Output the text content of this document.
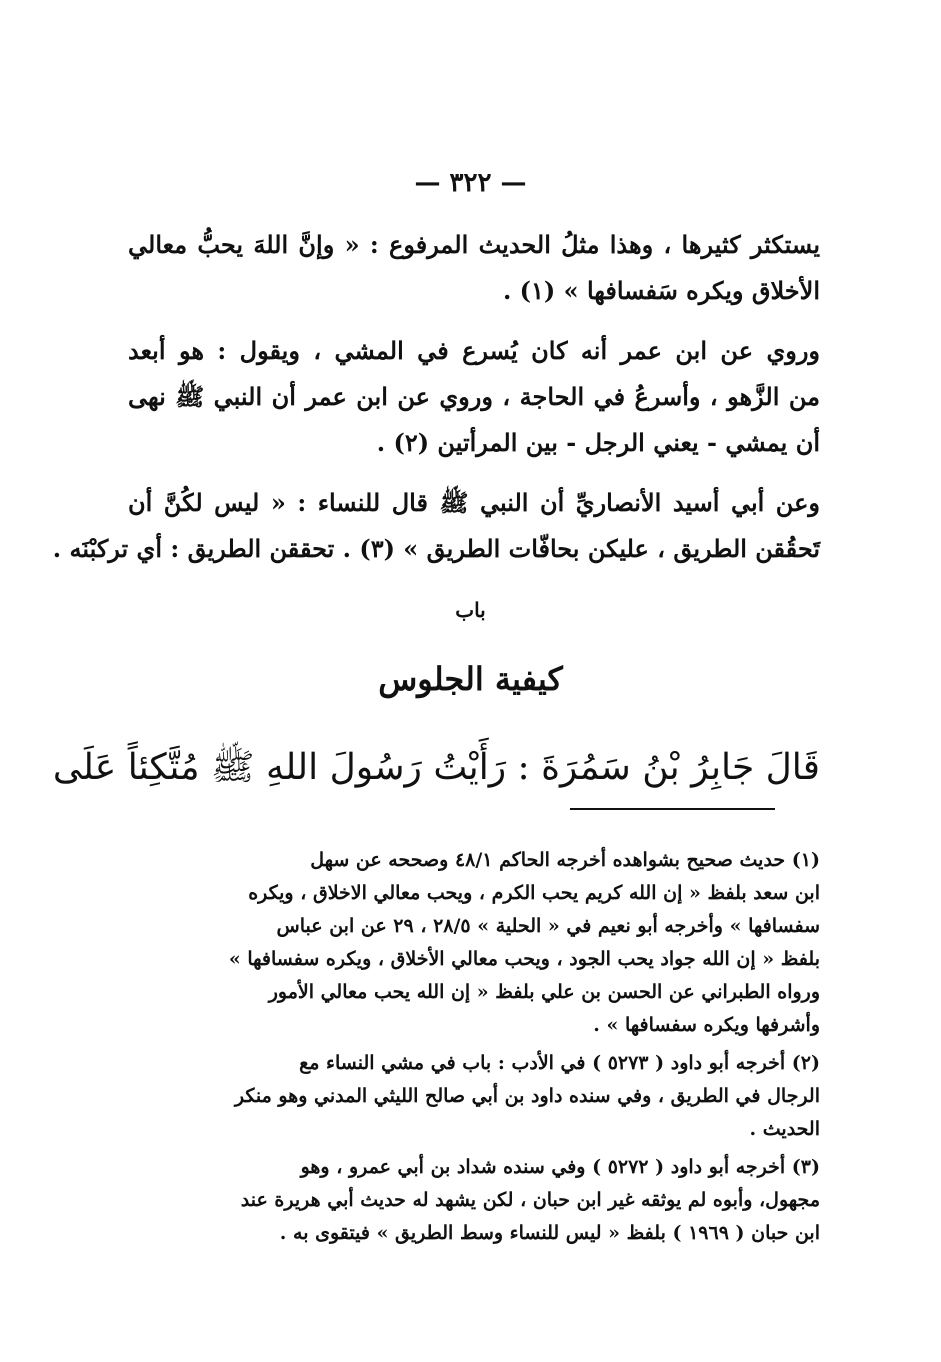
— ٣٢٢ —
يستكثر كثيرها ، وهذا مثلُ الحديث المرفوع : « وإنَّ اللهَ يحبُّ معالي
الأخلاق ويكره سَفسافها » (١) .
وروي عن ابن عمر أنه كان يُسرع في المشي ، ويقول : هو أبعد
من الزَّهو ، وأسرعُ في الحاجة ، وروي عن ابن عمر أن النبي ﷺ نهى
أن يمشي - يعني الرجل - بين المرأتين (٢) .
وعن أبي أسيد الأنصاريِّ أن النبي ﷺ قال للنساء : « ليس لكُنَّ أن
تَحقُقن الطريق ، عليكن بحافّات الطريق » (٣) . تحققن الطريق : أي تركبْنَه .
باب
كيفية الجلوس
قَالَ جَابِرُ بْنُ سَمُرَةَ : رَأَيْتُ رَسُولَ اللهِ ﷺ مُتَّكِئاً عَلَى
(١) حديث صحيح بشواهده أخرجه الحاكم ٤٨/١ وصححه عن سهل
ابن سعد بلفظ « إن الله كريم يحب الكرم ، ويحب معالي الاخلاق ، ويكره
سفسافها » وأخرجه أبو نعيم في « الحلية » ٢٨/٥ ، ٢٩ عن ابن عباس
بلفظ « إن الله جواد يحب الجود ، ويحب معالي الأخلاق ، ويكره سفسافها »
ورواه الطبراني عن الحسن بن علي بلفظ « إن الله يحب معالي الأمور
وأشرفها ويكره سفسافها » .
(٢) أخرجه أبو داود ( ٥٢٧٣ ) في الأدب : باب في مشي النساء مع
الرجال في الطريق ، وفي سنده داود بن أبي صالح الليثي المدني وهو منكر
الحديث .
(٣) أخرجه أبو داود ( ٥٢٧٢ ) وفي سنده شداد بن أبي عمرو ، وهو
مجهول، وأبوه لم يوثقه غير ابن حبان ، لكن يشهد له حديث أبي هريرة عند
ابن حبان ( ١٩٦٩ ) بلفظ « ليس للنساء وسط الطريق » فيتقوى به .
